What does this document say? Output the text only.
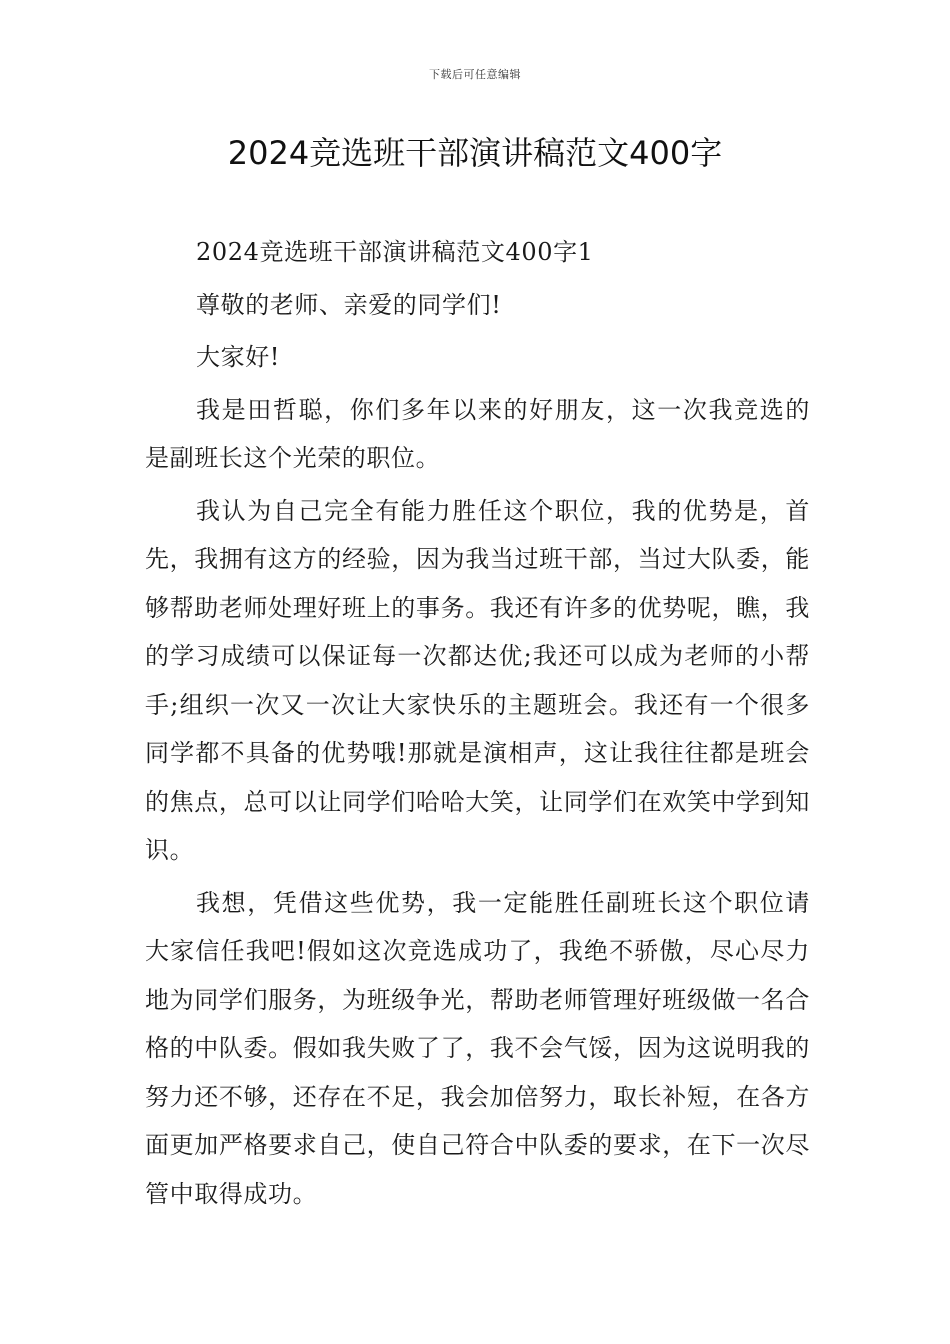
下载后可任意编辑
2024竞选班干部演讲稿范文400字

2024竞选班干部演讲稿范文400字1

尊敬的老师、亲爱的同学们!

大家好!

我是田哲聪，你们多年以来的好朋友，这一次我竞选的是副班长这个光荣的职位。

我认为自己完全有能力胜任这个职位，我的优势是，首先，我拥有这方的经验，因为我当过班干部，当过大队委，能够帮助老师处理好班上的事务。我还有许多的优势呢，瞧，我的学习成绩可以保证每一次都达优;我还可以成为老师的小帮手;组织一次又一次让大家快乐的主题班会。我还有一个很多同学都不具备的优势哦!那就是演相声，这让我往往都是班会的焦点，总可以让同学们哈哈大笑，让同学们在欢笑中学到知识。

我想，凭借这些优势，我一定能胜任副班长这个职位请大家信任我吧!假如这次竞选成功了，我绝不骄傲，尽心尽力地为同学们服务，为班级争光，帮助老师管理好班级做一名合格的中队委。假如我失败了了，我不会气馁，因为这说明我的努力还不够，还存在不足，我会加倍努力，取长补短，在各方面更加严格要求自己，使自己符合中队委的要求，在下一次尽管中取得成功。
